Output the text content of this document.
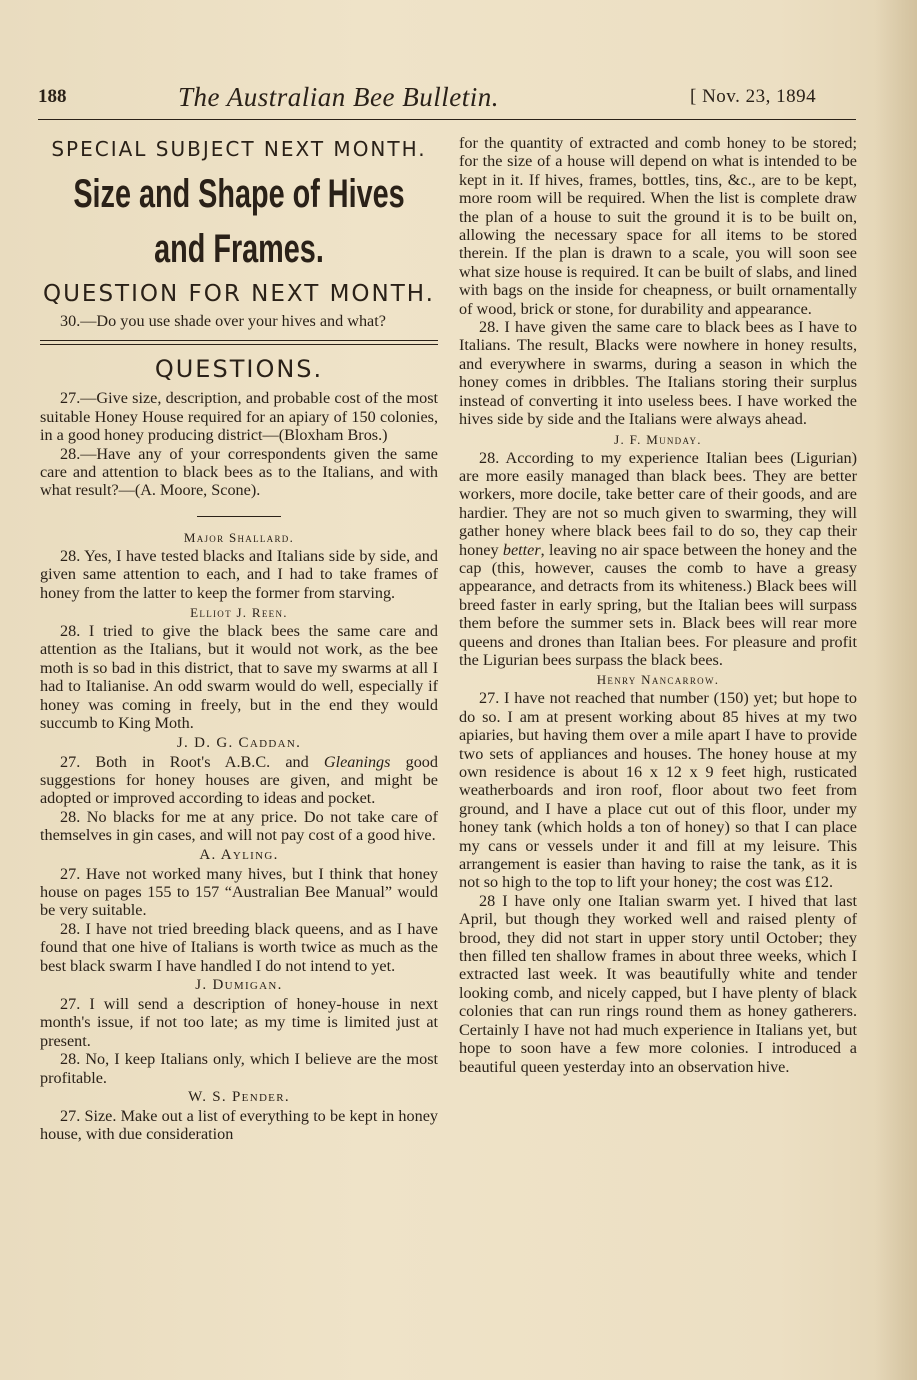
188	The Australian Bee Bulletin.	[ Nov. 23, 1894
SPECIAL SUBJECT NEXT MONTH.
Size and Shape of Hives and Frames.
QUESTION FOR NEXT MONTH.

30.—Do you use shade over your hives and what?

QUESTIONS.

27.—Give size, description, and probable cost of the most suitable Honey House required for an apiary of 150 colonies, in a good honey producing district—(Bloxham Bros.)

28.—Have any of your correspondents given the same care and attention to black bees as to the Italians, and with what result?—(A. Moore, Scone).

Major Shallard.

28. Yes, I have tested blacks and Italians side by side, and given same attention to each, and I had to take frames of honey from the latter to keep the former from starving.

Elliot J. Reen.

28. I tried to give the black bees the same care and attention as the Italians, but it would not work, as the bee moth is so bad in this district, that to save my swarms at all I had to Italianise. An odd swarm would do well, especially if honey was coming in freely, but in the end they would succumb to King Moth.

J. D. G. Caddan.

27. Both in Root's A.B.C. and Gleanings good suggestions for honey houses are given, and might be adopted or improved according to ideas and pocket.

28. No blacks for me at any price. Do not take care of themselves in gin cases, and will not pay cost of a good hive.

A. Ayling.

27. Have not worked many hives, but I think that honey house on pages 155 to 157 “Australian Bee Manual” would be very suitable.

28. I have not tried breeding black queens, and as I have found that one hive of Italians is worth twice as much as the best black swarm I have handled I do not intend to yet.

J. Dumigan.

27. I will send a description of honey-house in next month's issue, if not too late; as my time is limited just at present.

28. No, I keep Italians only, which I believe are the most profitable.

W. S. Pender.

27. Size. Make out a list of everything to be kept in honey house, with due consideration

for the quantity of extracted and comb honey to be stored; for the size of a house will depend on what is intended to be kept in it. If hives, frames, bottles, tins, &c., are to be kept, more room will be required. When the list is complete draw the plan of a house to suit the ground it is to be built on, allowing the necessary space for all items to be stored therein. If the plan is drawn to a scale, you will soon see what size house is required. It can be built of slabs, and lined with bags on the inside for cheapness, or built ornamentally of wood, brick or stone, for durability and appearance.

28. I have given the same care to black bees as I have to Italians. The result, Blacks were nowhere in honey results, and everywhere in swarms, during a season in which the honey comes in dribbles. The Italians storing their surplus instead of converting it into useless bees. I have worked the hives side by side and the Italians were always ahead.

J. F. Munday.

28. According to my experience Italian bees (Ligurian) are more easily managed than black bees. They are better workers, more docile, take better care of their goods, and are hardier. They are not so much given to swarming, they will gather honey where black bees fail to do so, they cap their honey better, leaving no air space between the honey and the cap (this, however, causes the comb to have a greasy appearance, and detracts from its whiteness.) Black bees will breed faster in early spring, but the Italian bees will surpass them before the summer sets in. Black bees will rear more queens and drones than Italian bees. For pleasure and profit the Ligurian bees surpass the black bees.

Henry Nancarrow.

27. I have not reached that number (150) yet; but hope to do so. I am at present working about 85 hives at my two apiaries, but having them over a mile apart I have to provide two sets of appliances and houses. The honey house at my own residence is about 16 x 12 x 9 feet high, rusticated weatherboards and iron roof, floor about two feet from ground, and I have a place cut out of this floor, under my honey tank (which holds a ton of honey) so that I can place my cans or vessels under it and fill at my leisure. This arrangement is easier than having to raise the tank, as it is not so high to the top to lift your honey; the cost was £12.

28 I have only one Italian swarm yet. I hived that last April, but though they worked well and raised plenty of brood, they did not start in upper story until October; they then filled ten shallow frames in about three weeks, which I extracted last week. It was beautifully white and tender looking comb, and nicely capped, but I have plenty of black colonies that can run rings round them as honey gatherers. Certainly I have not had much experience in Italians yet, but hope to soon have a few more colonies. I introduced a beautiful queen yesterday into an observation hive.
